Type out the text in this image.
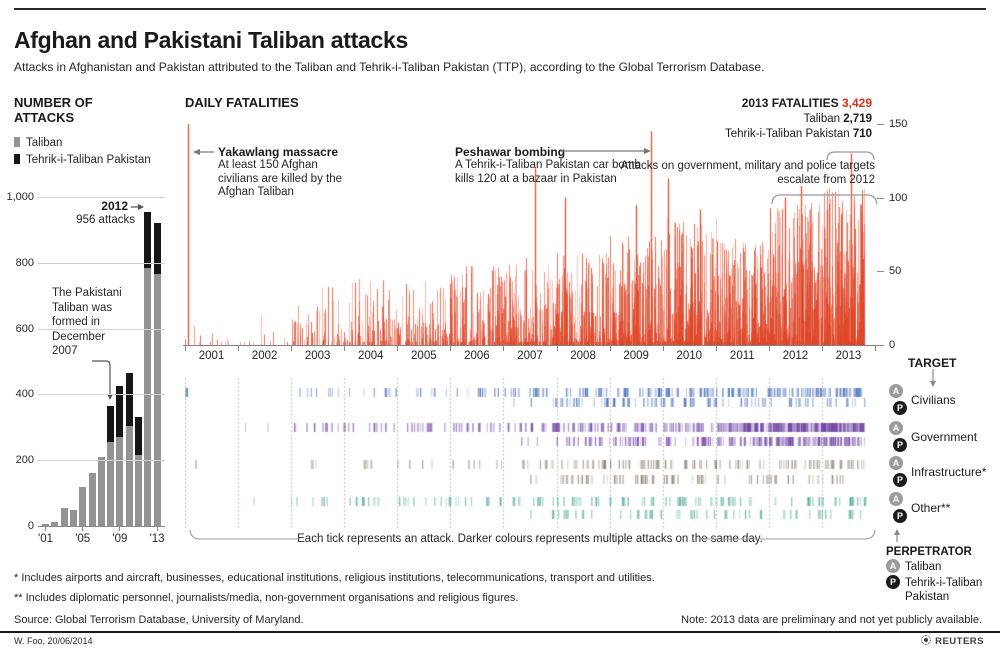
Afghan and Pakistani Taliban attacks
Attacks in Afghanistan and Pakistan attributed to the Taliban and Tehrik-i-Taliban Pakistan (TTP), according to the Global Terrorism Database.
NUMBER OF ATTACKS
Taliban
Tehrik-i-Taliban Pakistan
2012
956 attacks
The Pakistani Taliban was formed in December 2007
DAILY FATALITIES
Yakawlang massacre
At least 150 Afghan civilians are killed by the Afghan Taliban
Peshawar bombing
A Tehrik-i-Taliban Pakistan car bomb kills 120 at a bazaar in Pakistan
2013 FATALITIES 3,429
Taliban 2,719
Tehrik-i-Taliban Pakistan 710
Attacks on government, military and police targets escalate from 2012
Each tick represents an attack. Darker colours represents multiple attacks on the same day.
TARGET
PERPETRATOR
A Taliban
P Tehrik-i-Taliban Pakistan
* Includes airports and aircraft, businesses, educational institutions, religious institutions, telecommunications, transport and utilities.
** Includes diplomatic personnel, journalists/media, non-government organisations and religious figures.
Source: Global Terrorism Database, University of Maryland.	Note: 2013 data are preliminary and not yet publicly available.
W. Foo, 20/06/2014	REUTERS
1,000
800
600
400
200
0
'01 '05 '09 '13
2001	2002	2003	2004	2005	2006	2007	2008	2009	2010	2011	2012	2013
150
100
50
0
A
P
Civilians
A
P
Government
A
P
Infrastructure*
A
P
Other**
